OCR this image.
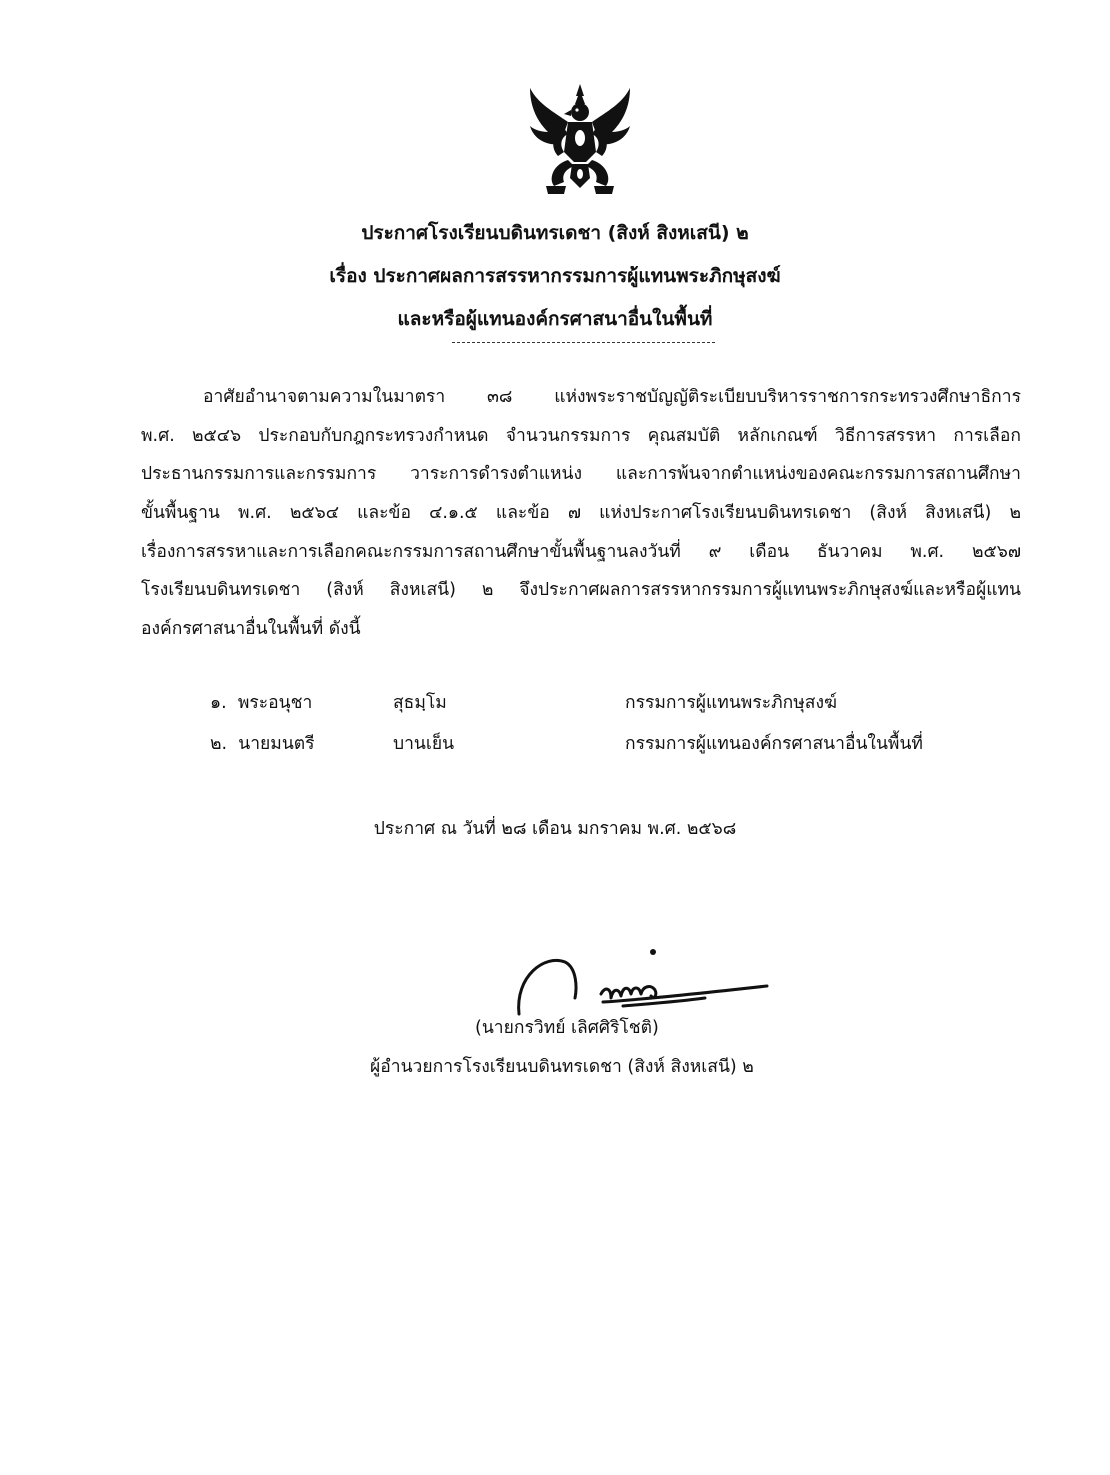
ประกาศโรงเรียนบดินทรเดชา (สิงห์ สิงหเสนี) ๒
เรื่อง ประกาศผลการสรรหากรรมการผู้แทนพระภิกษุสงฆ์
และหรือผู้แทนองค์กรศาสนาอื่นในพื้นที่
อาศัยอำนาจตามความในมาตรา ๓๘ แห่งพระราชบัญญัติระเบียบบริหารราชการกระทรวงศึกษาธิการ
พ.ศ. ๒๕๔๖ ประกอบกับกฎกระทรวงกำหนด จำนวนกรรมการ คุณสมบัติ หลักเกณฑ์ วิธีการสรรหา การเลือก
ประธานกรรมการและกรรมการ วาระการดำรงตำแหน่ง และการพ้นจากตำแหน่งของคณะกรรมการสถานศึกษา
ขั้นพื้นฐาน พ.ศ. ๒๕๖๔ และข้อ ๔.๑.๕ และข้อ ๗ แห่งประกาศโรงเรียนบดินทรเดชา (สิงห์ สิงหเสนี) ๒
เรื่องการสรรหาและการเลือกคณะกรรมการสถานศึกษาขั้นพื้นฐานลงวันที่ ๙ เดือน ธันวาคม พ.ศ. ๒๕๖๗
โรงเรียนบดินทรเดชา (สิงห์ สิงหเสนี) ๒ จึงประกาศผลการสรรหากรรมการผู้แทนพระภิกษุสงฆ์และหรือผู้แทน
องค์กรศาสนาอื่นในพื้นที่ ดังนี้
๑. พระอนุชา	สุธมฺโม	กรรมการผู้แทนพระภิกษุสงฆ์
๒. นายมนตรี	บานเย็น	กรรมการผู้แทนองค์กรศาสนาอื่นในพื้นที่
ประกาศ ณ วันที่ ๒๘ เดือน มกราคม พ.ศ. ๒๕๖๘
(นายกรวิทย์ เลิศศิริโชติ)
ผู้อำนวยการโรงเรียนบดินทรเดชา (สิงห์ สิงหเสนี) ๒
